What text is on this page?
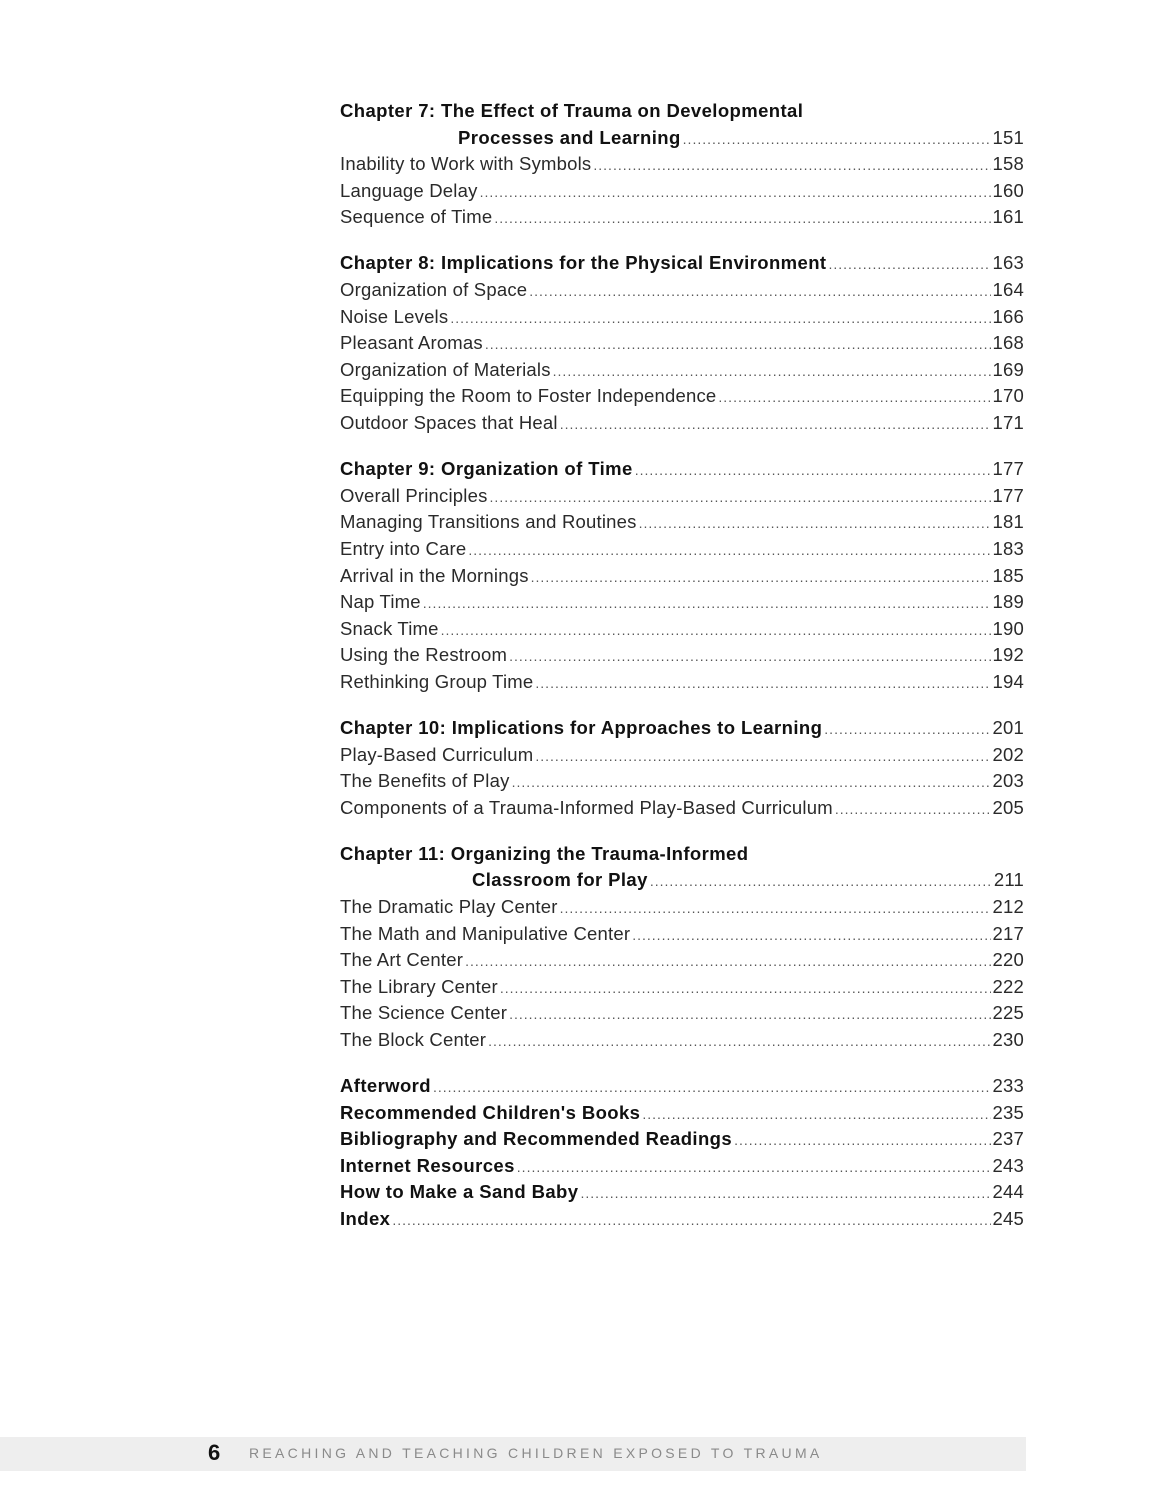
Chapter 7: The Effect of Trauma on Developmental
Processes and Learning .....	151
Inability to Work with Symbols .....	158
Language Delay .....	160
Sequence of Time .....	161
Chapter 8: Implications for the Physical Environment .....	163
Organization of Space .....	164
Noise Levels .....	166
Pleasant Aromas .....	168
Organization of Materials .....	169
Equipping the Room to Foster Independence .....	170
Outdoor Spaces that Heal .....	171
Chapter 9: Organization of Time .....	177
Overall Principles .....	177
Managing Transitions and Routines .....	181
Entry into Care .....	183
Arrival in the Mornings .....	185
Nap Time .....	189
Snack Time .....	190
Using the Restroom .....	192
Rethinking Group Time .....	194
Chapter 10: Implications for Approaches to Learning .....	201
Play-Based Curriculum .....	202
The Benefits of Play .....	203
Components of a Trauma-Informed Play-Based Curriculum .....	205
Chapter 11: Organizing the Trauma-Informed
Classroom for Play .....	211
The Dramatic Play Center .....	212
The Math and Manipulative Center .....	217
The Art Center .....	220
The Library Center .....	222
The Science Center .....	225
The Block Center .....	230
Afterword .....	233
Recommended Children's Books .....	235
Bibliography and Recommended Readings .....	237
Internet Resources .....	243
How to Make a Sand Baby .....	244
Index .....	245
6 REACHING AND TEACHING CHILDREN EXPOSED TO TRAUMA
